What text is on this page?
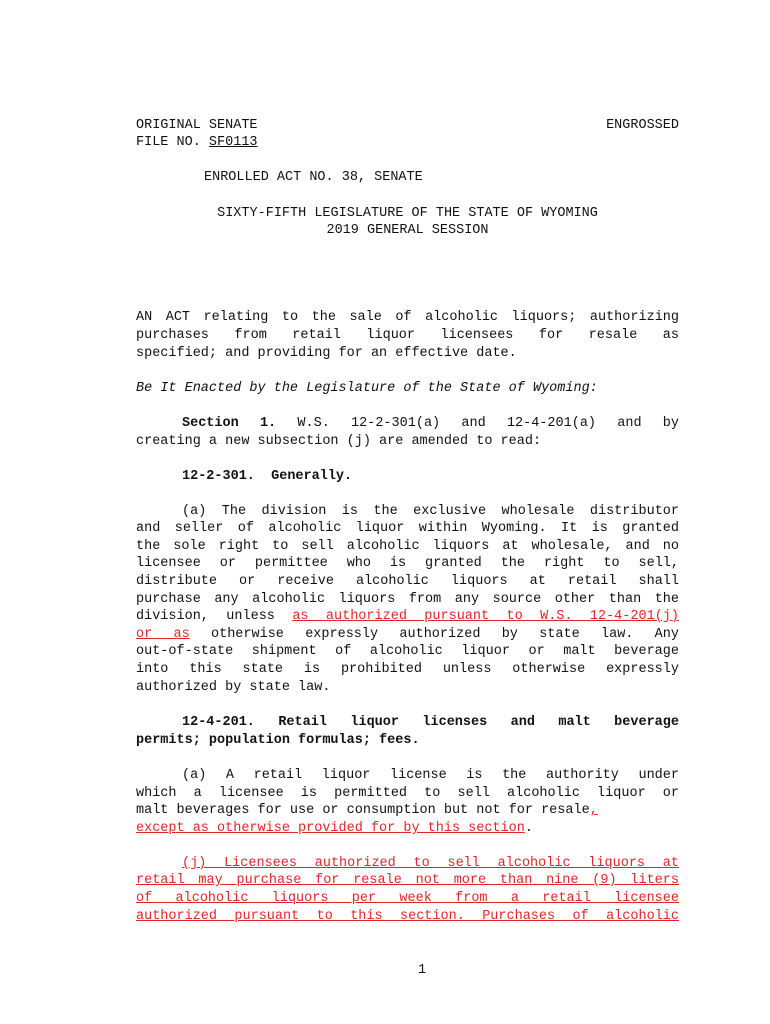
ORIGINAL SENATE
FILE NO. SF0113
ENGROSSED
ENROLLED ACT NO. 38, SENATE
SIXTY-FIFTH LEGISLATURE OF THE STATE OF WYOMING
2019 GENERAL SESSION
AN ACT relating to the sale of alcoholic liquors; authorizing
purchases from retail liquor licensees for resale as
specified; and providing for an effective date.
Be It Enacted by the Legislature of the State of Wyoming:
Section 1. W.S. 12-2-301(a) and 12-4-201(a) and by
creating a new subsection (j) are amended to read:
12-2-301.  Generally.
(a) The division is the exclusive wholesale distributor
and seller of alcoholic liquor within Wyoming. It is granted
the sole right to sell alcoholic liquors at wholesale, and no
licensee or permittee who is granted the right to sell,
distribute or receive alcoholic liquors at retail shall
purchase any alcoholic liquors from any source other than the
division, unless as authorized pursuant to W.S. 12-4-201(j)
or as otherwise expressly authorized by state law. Any
out-of-state shipment of alcoholic liquor or malt beverage
into this state is prohibited unless otherwise expressly
authorized by state law.
12-4-201. Retail liquor licenses and malt beverage
permits; population formulas; fees.
(a) A retail liquor license is the authority under
which a licensee is permitted to sell alcoholic liquor or
malt beverages for use or consumption but not for resale,
except as otherwise provided for by this section.
(j) Licensees authorized to sell alcoholic liquors at
retail may purchase for resale not more than nine (9) liters
of alcoholic liquors per week from a retail licensee
authorized pursuant to this section. Purchases of alcoholic
1
